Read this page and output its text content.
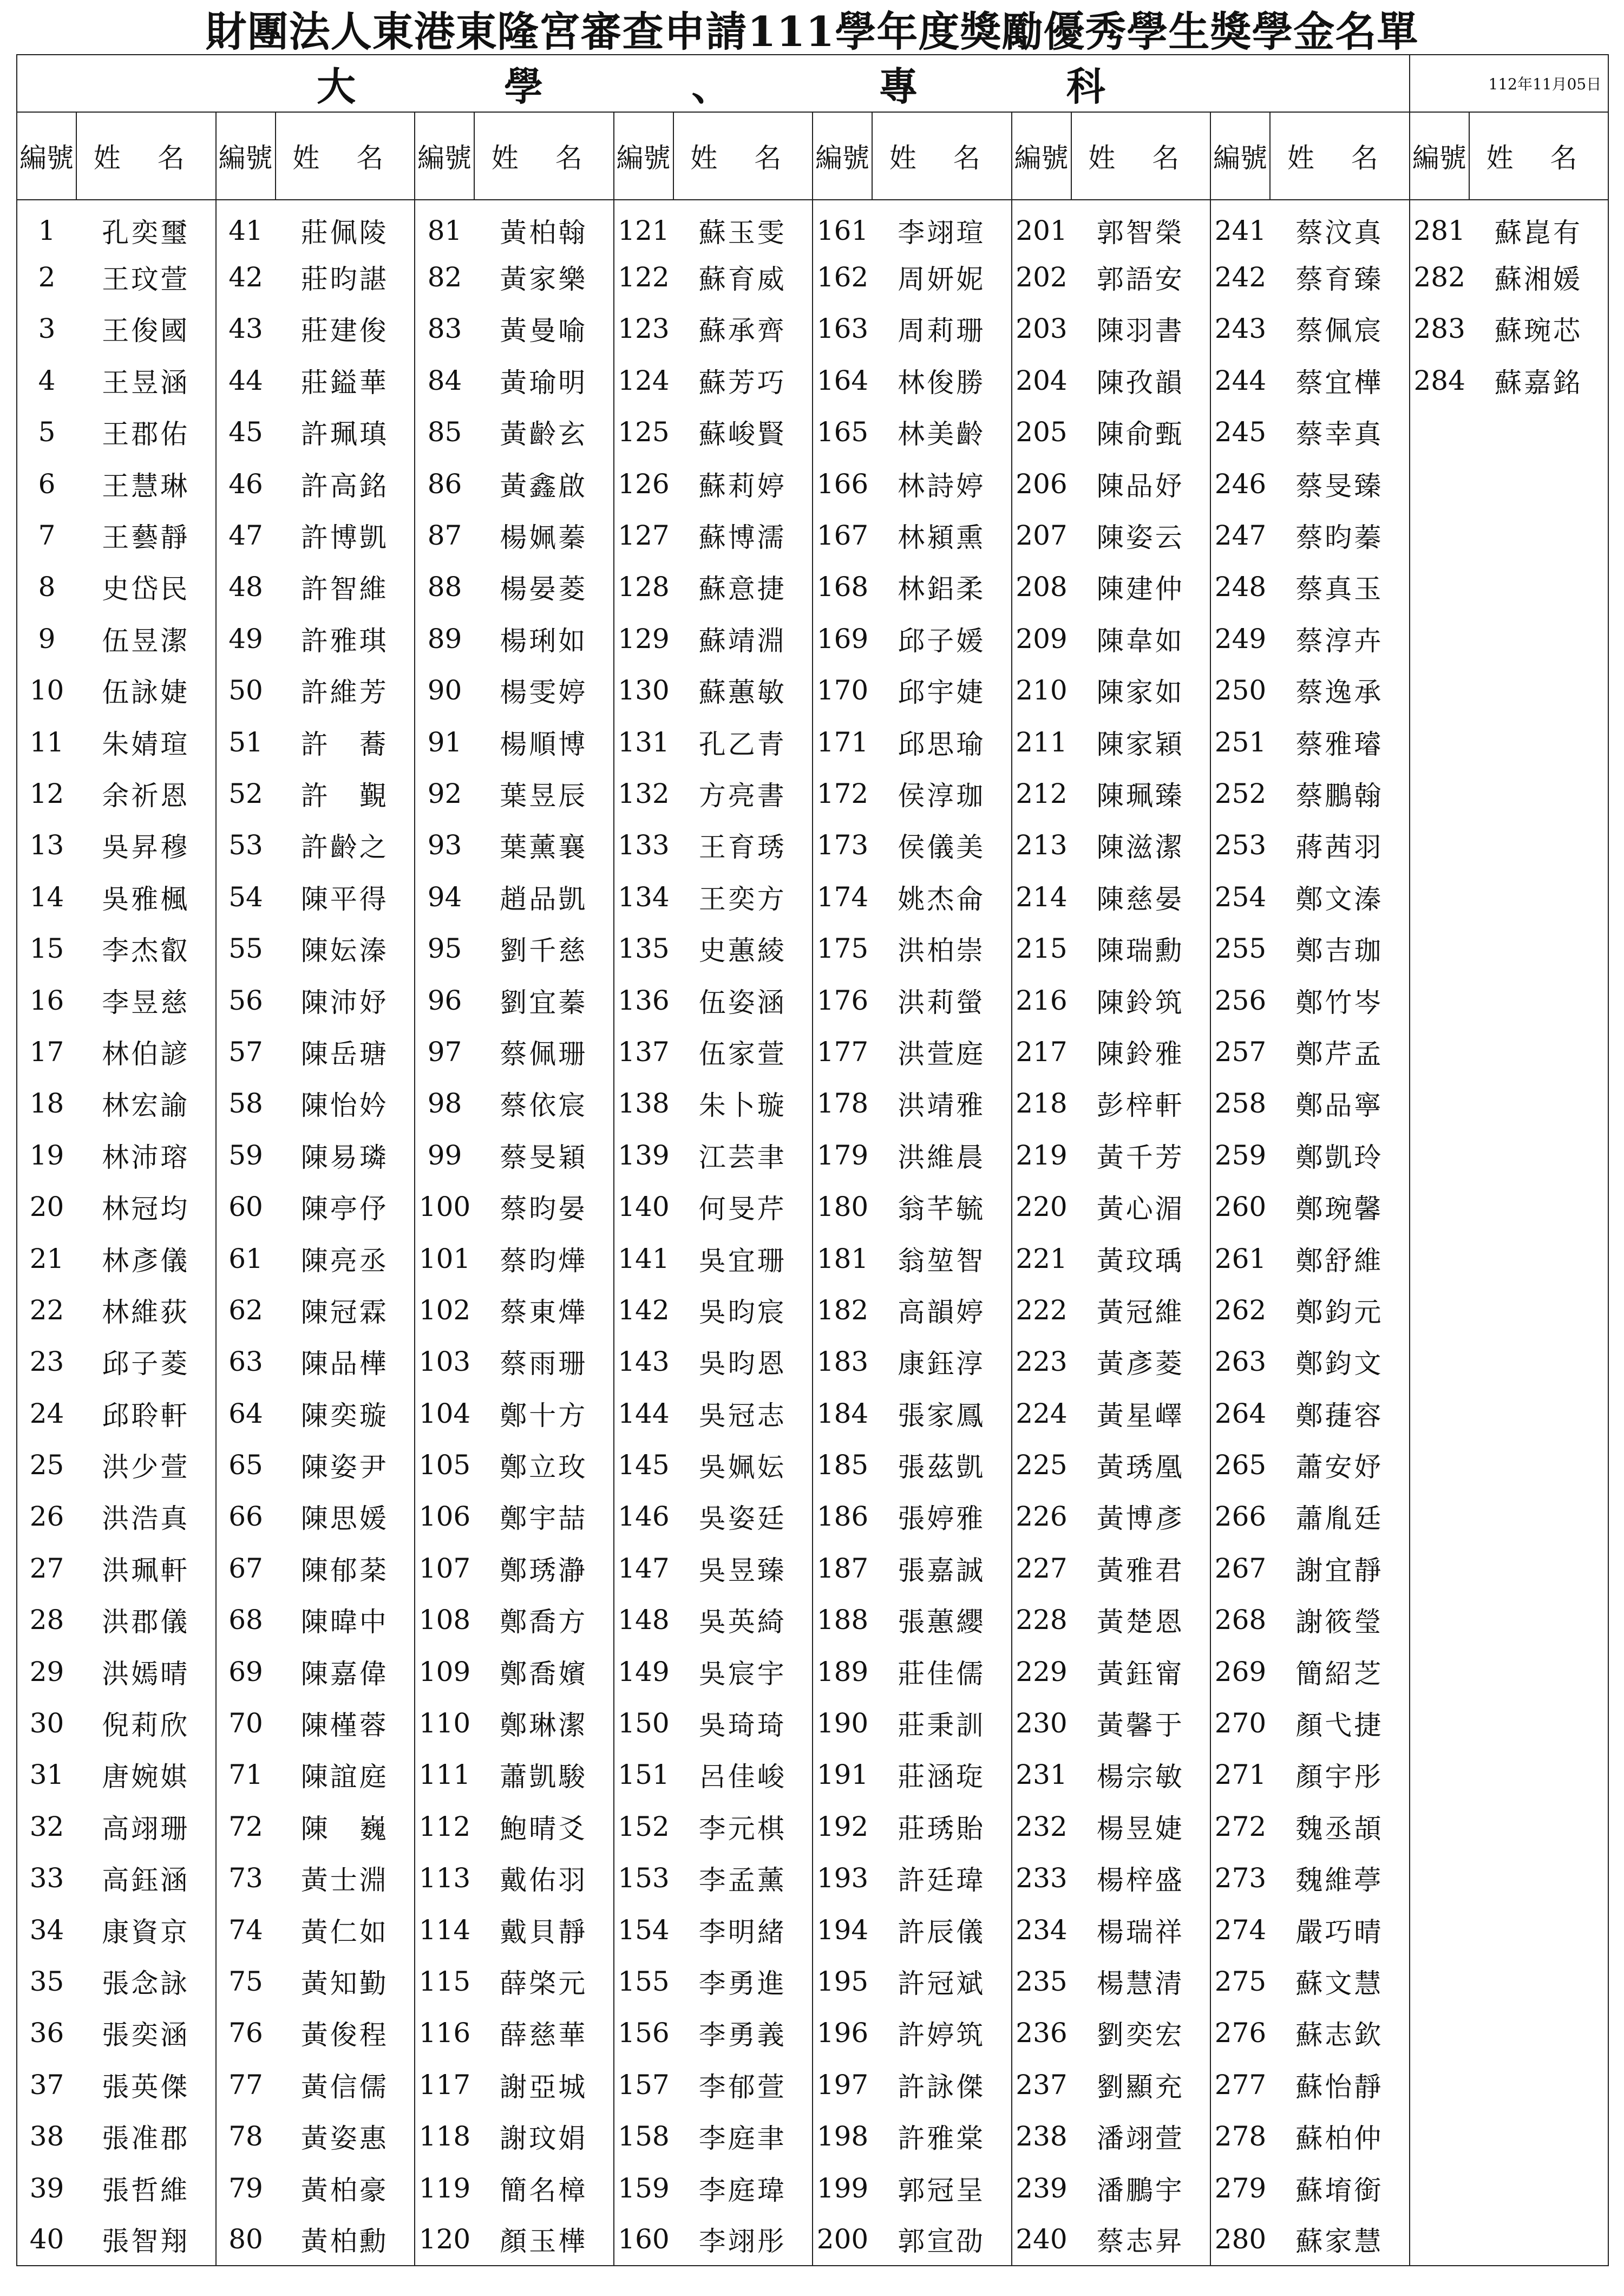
財團法人東港東隆宮審查申請111學年度獎勵優秀學生獎學金名單
大 學 、 專 科														112年11月05日	
編號	姓 名	編號	姓 名	編號	姓 名	編號	姓 名	編號	姓 名	編號	姓 名	編號	姓 名	編號	姓 名
1	孔奕璽	41	莊佩陵	81	黃柏翰	121	蘇玉雯	161	李翊瑄	201	郭智榮	241	蔡汶真	281	蘇崑有
2	王玟萱	42	莊昀諶	82	黃家樂	122	蘇育威	162	周妍妮	202	郭語安	242	蔡育臻	282	蘇湘媛
3	王俊國	43	莊建俊	83	黃曼喻	123	蘇承齊	163	周莉珊	203	陳羽書	243	蔡佩宸	283	蘇琬芯
4	王昱涵	44	莊鎰華	84	黃瑜明	124	蘇芳巧	164	林俊勝	204	陳孜韻	244	蔡宜樺	284	蘇嘉銘
5	王郡佑	45	許珮瑱	85	黃齡玄	125	蘇峻賢	165	林美齡	205	陳俞甄	245	蔡幸真		
6	王慧琳	46	許高銘	86	黃鑫啟	126	蘇莉婷	166	林詩婷	206	陳品妤	246	蔡旻臻		
7	王藝靜	47	許博凱	87	楊姵蓁	127	蘇博濡	167	林潁熏	207	陳姿云	247	蔡昀蓁		
8	史岱民	48	許智維	88	楊晏菱	128	蘇意捷	168	林鋁柔	208	陳建仲	248	蔡真玉		
9	伍昱潔	49	許雅琪	89	楊琍如	129	蘇靖淵	169	邱子媛	209	陳韋如	249	蔡淳卉		
10	伍詠婕	50	許維芳	90	楊雯婷	130	蘇蕙敏	170	邱宇婕	210	陳家如	250	蔡逸承		
11	朱婧瑄	51	許　蕎	91	楊順博	131	孔乙青	171	邱思瑜	211	陳家穎	251	蔡雅璿		
12	余祈恩	52	許　覲	92	葉昱辰	132	方亮書	172	侯淳珈	212	陳珮臻	252	蔡鵬翰		
13	吳昇穆	53	許齡之	93	葉薰襄	133	王育琇	173	侯儀美	213	陳滋潔	253	蔣茜羽		
14	吳雅楓	54	陳平得	94	趙品凱	134	王奕方	174	姚杰侖	214	陳慈晏	254	鄭文溱		
15	李杰叡	55	陳妘溱	95	劉千慈	135	史蕙綾	175	洪柏崇	215	陳瑞勳	255	鄭吉珈		
16	李昱慈	56	陳沛妤	96	劉宜蓁	136	伍姿涵	176	洪莉螢	216	陳鈴筑	256	鄭竹岑		
17	林伯諺	57	陳岳瑭	97	蔡佩珊	137	伍家萱	177	洪萱庭	217	陳鈴雅	257	鄭芹孟		
18	林宏諭	58	陳怡妗	98	蔡依宸	138	朱卜璇	178	洪靖雅	218	彭梓軒	258	鄭品寧		
19	林沛瑢	59	陳易璘	99	蔡旻穎	139	江芸聿	179	洪維晨	219	黃千芳	259	鄭凱玲		
20	林冠均	60	陳亭伃	100	蔡昀晏	140	何旻芹	180	翁芊毓	220	黃心湄	260	鄭琬馨		
21	林彥儀	61	陳亮丞	101	蔡昀燁	141	吳宜珊	181	翁堃智	221	黃玟瑀	261	鄭舒維		
22	林維荻	62	陳冠霖	102	蔡東燁	142	吳昀宸	182	高韻婷	222	黃冠維	262	鄭鈞元		
23	邱子菱	63	陳品樺	103	蔡雨珊	143	吳昀恩	183	康鈺淳	223	黃彥菱	263	鄭鈞文		
24	邱聆軒	64	陳奕璇	104	鄭十方	144	吳冠志	184	張家鳳	224	黃星嶧	264	鄭蓵容		
25	洪少萱	65	陳姿尹	105	鄭立玫	145	吳姵妘	185	張茲凱	225	黃琇凰	265	蕭安妤		
26	洪浩真	66	陳思媛	106	鄭宇喆	146	吳姿廷	186	張婷雅	226	黃博彥	266	蕭胤廷		
27	洪珮軒	67	陳郁棻	107	鄭琇瀞	147	吳昱臻	187	張嘉誠	227	黃雅君	267	謝宜靜		
28	洪郡儀	68	陳暐中	108	鄭喬方	148	吳英綺	188	張蕙纓	228	黃楚恩	268	謝筱瑩		
29	洪嫣晴	69	陳嘉偉	109	鄭喬嬪	149	吳宸宇	189	莊佳儒	229	黃鈺甯	269	簡紹芝		
30	倪莉欣	70	陳槿蓉	110	鄭琳潔	150	吳琦琦	190	莊秉訓	230	黃馨于	270	顏弋捷		
31	唐婉娸	71	陳誼庭	111	蕭凱駿	151	呂佳峻	191	莊涵琁	231	楊宗敏	271	顏宇彤		
32	高翊珊	72	陳　巍	112	鮑晴爻	152	李元棋	192	莊琇貽	232	楊昱婕	272	魏丞頡		
33	高鈺涵	73	黃士淵	113	戴佑羽	153	李孟薰	193	許廷瑋	233	楊梓盛	273	魏維葶		
34	康資京	74	黃仁如	114	戴貝靜	154	李明緒	194	許辰儀	234	楊瑞祥	274	嚴巧晴		
35	張念詠	75	黃知勤	115	薛棨元	155	李勇進	195	許冠斌	235	楊慧清	275	蘇文慧		
36	張奕涵	76	黃俊程	116	薛慈華	156	李勇義	196	許婷筑	236	劉奕宏	276	蘇志欽		
37	張英傑	77	黃信儒	117	謝亞城	157	李郁萱	197	許詠傑	237	劉顯充	277	蘇怡靜		
38	張准郡	78	黃姿惠	118	謝玟娟	158	李庭聿	198	許雅棠	238	潘翊萱	278	蘇柏仲		
39	張哲維	79	黃柏豪	119	簡名樟	159	李庭瑋	199	郭冠呈	239	潘鵬宇	279	蘇堉銜		
40	張智翔	80	黃柏勳	120	顏玉樺	160	李翊彤	200	郭宣劭	240	蔡志昇	280	蘇家慧		
